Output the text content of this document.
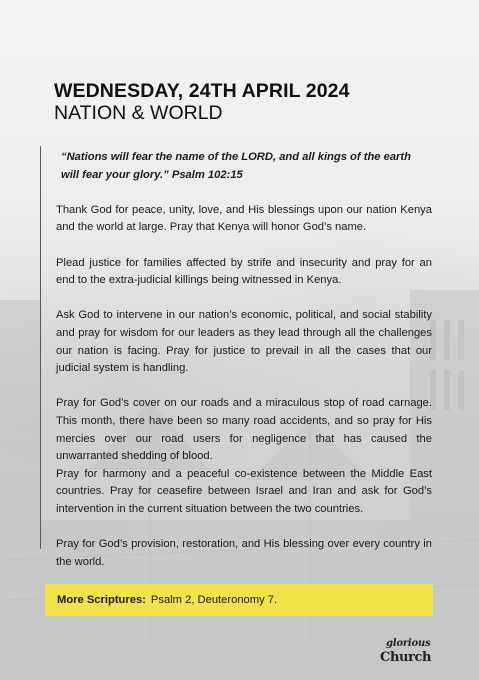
WEDNESDAY, 24TH APRIL 2024
NATION & WORLD

“Nations will fear the name of the LORD, and all kings of the earth will fear your glory.” Psalm 102:15

Thank God for peace, unity, love, and His blessings upon our nation Kenya and the world at large. Pray that Kenya will honor God’s name.

Plead justice for families affected by strife and insecurity and pray for an end to the extra-judicial killings being witnessed in Kenya.

Ask God to intervene in our nation’s economic, political, and social stability and pray for wisdom for our leaders as they lead through all the challenges our nation is facing. Pray for justice to prevail in all the cases that our judicial system is handling.

Pray for God’s cover on our roads and a miraculous stop of road carnage. This month, there have been so many road accidents, and so pray for His mercies over our road users for negligence that has caused the unwarranted shedding of blood.

Pray for harmony and a peaceful co-existence between the Middle East countries. Pray for ceasefire between Israel and Iran and ask for God’s intervention in the current situation between the two countries.

Pray for God’s provision, restoration, and His blessing over every country in the world.

More Scriptures: Psalm 2, Deuteronomy 7.
glorious
Church
